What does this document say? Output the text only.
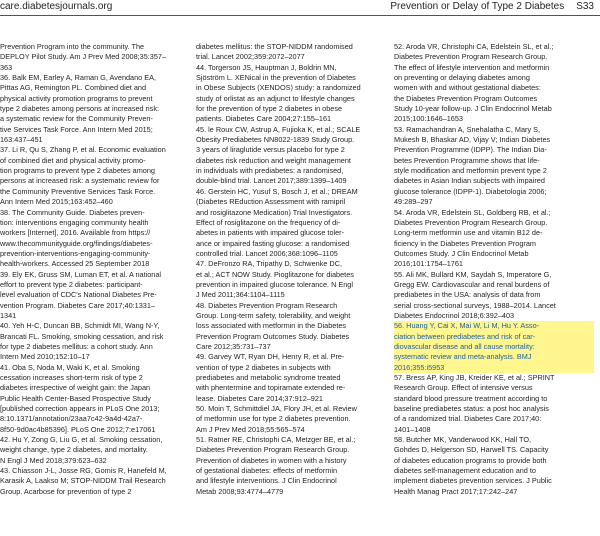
care.diabetesjournals.org	Prevention or Delay of Type 2 Diabetes S33
Prevention Program into the community. The
DEPLOY Pilot Study. Am J Prev Med 2008;35:357–
363
36. Balk EM, Earley A, Raman G, Avendano EA,
Pittas AG, Remington PL. Combined diet and
physical activity promotion programs to prevent
type 2 diabetes among persons at increased risk:
a systematic review for the Community Preven-
tive Services Task Force. Ann Intern Med 2015;
163:437–451
37. Li R, Qu S, Zhang P, et al. Economic evaluation
of combined diet and physical activity promo-
tion programs to prevent type 2 diabetes among
persons at increased risk: a systematic review for
the Community Preventive Services Task Force.
Ann Intern Med 2015;163:452–460
38. The Community Guide. Diabetes preven-
tion: interventions engaging community health
workers [Internet], 2016. Available from https://
www.thecommunityguide.org/findings/diabetes-
prevention-interventions-engaging-community-
health-workers. Accessed 25 September 2018
39. Ely EK, Gruss SM, Luman ET, et al. A national
effort to prevent type 2 diabetes: participant-
level evaluation of CDC's National Diabetes Pre-
vention Program. Diabetes Care 2017;40:1331–
1341
40. Yeh H-C, Duncan BB, Schmidt MI, Wang N-Y,
Brancati FL. Smoking, smoking cessation, and risk
for type 2 diabetes mellitus: a cohort study. Ann
Intern Med 2010;152:10–17
41. Oba S, Noda M, Waki K, et al. Smoking
cessation increases short-term risk of type 2
diabetes irrespective of weight gain: the Japan
Public Health Center-Based Prospective Study
[published correction appears in PLoS One 2013;
8:10.1371/annotation/23aa7c42-9a4d-42a7-
8f50-9d0ac4b85396]. PLoS One 2012;7:e17061
42. Hu Y, Zong G, Liu G, et al. Smoking cessation,
weight change, type 2 diabetes, and mortality.
N Engl J Med 2018;379:623–632
43. Chiasson J-L, Josse RG, Gomis R, Hanefeld M,
Karasik A, Laakso M; STOP-NIDDM Trail Research
Group. Acarbose for prevention of type 2
diabetes mellitus: the STOP-NIDDM randomised
trial. Lancet 2002;359:2072–2077
44. Torgerson JS, Hauptman J, Boldrin MN,
Sjöström L. XENical in the prevention of Diabetes
in Obese Subjects (XENDOS) study: a randomized
study of orlistat as an adjunct to lifestyle changes
for the prevention of type 2 diabetes in obese
patients. Diabetes Care 2004;27:155–161
45. le Roux CW, Astrup A, Fujioka K, et al.; SCALE
Obesity Prediabetes NN8022-1839 Study Group.
3 years of liraglutide versus placebo for type 2
diabetes risk reduction and weight management
in individuals with prediabetes: a randomised,
double-blind trial. Lancet 2017;389:1399–1409
46. Gerstein HC, Yusuf S, Bosch J, et al.; DREAM
(Diabetes REduction Assessment with ramipril
and rosiglitazone Medication) Trial Investigators.
Effect of rosiglitazone on the frequency of di-
abetes in patients with impaired glucose toler-
ance or impaired fasting glucose: a randomised
controlled trial. Lancet 2006;368:1096–1105
47. DeFronzo RA, Tripathy D, Schwenke DC,
et al.; ACT NOW Study. Pioglitazone for diabetes
prevention in impaired glucose tolerance. N Engl
J Med 2011;364:1104–1115
48. Diabetes Prevention Program Research
Group. Long-term safety, tolerability, and weight
loss associated with metformin in the Diabetes
Prevention Program Outcomes Study. Diabetes
Care 2012;35:731–737
49. Garvey WT, Ryan DH, Henry R, et al. Pre-
vention of type 2 diabetes in subjects with
prediabetes and metabolic syndrome treated
with phentermine and topiramate extended re-
lease. Diabetes Care 2014;37:912–921
50. Moin T, Schmittdiel JA, Flory JH, et al. Review
of metformin use for type 2 diabetes prevention.
Am J Prev Med 2018;55:565–574
51. Ratner RE, Christophi CA, Metzger BE, et al.;
Diabetes Prevention Program Research Group.
Prevention of diabetes in women with a history
of gestational diabetes: effects of metformin
and lifestyle interventions. J Clin Endocrinol
Metab 2008;93:4774–4779
52. Aroda VR, Christophi CA, Edelstein SL, et al.;
Diabetes Prevention Program Research Group.
The effect of lifestyle intervention and metformin
on preventing or delaying diabetes among
women with and without gestational diabetes:
the Diabetes Prevention Program Outcomes
Study 10-year follow-up. J Clin Endocrinol Metab
2015;100:1646–1653
53. Ramachandran A, Snehalatha C, Mary S,
Mukesh B, Bhaskar AD, Vijay V; Indian Diabetes
Prevention Programme (IDPP). The Indian Dia-
betes Prevention Programme shows that life-
style modification and metformin prevent type 2
diabetes in Asian Indian subjects with impaired
glucose tolerance (IDPP-1). Diabetologia 2006;
49:289–297
54. Aroda VR, Edelstein SL, Goldberg RB, et al.;
Diabetes Prevention Program Research Group.
Long-term metformin use and vitamin B12 de-
ficiency in the Diabetes Prevention Program
Outcomes Study. J Clin Endocrinol Metab
2016;101:1754–1761
55. Ali MK, Bullard KM, Saydah S, Imperatore G,
Gregg EW. Cardiovascular and renal burdens of
prediabetes in the USA: analysis of data from
serial cross-sectional surveys, 1988–2014. Lancet
Diabetes Endocrinol 2018;6:392–403
56. Huang Y, Cai X, Mai W, Li M, Hu Y. Asso-
ciation between prediabetes and risk of car-
diovascular disease and all cause mortality:
systematic review and meta-analysis. BMJ
2016;355:i5953
57. Bress AP, King JB, Kreider KE, et al.; SPRINT
Research Group. Effect of intensive versus
standard blood pressure treatment according to
baseline prediabetes status: a post hoc analysis
of a randomized trial. Diabetes Care 2017;40:
1401–1408
58. Butcher MK, Vanderwood KK, Hall TO,
Gohdes D, Helgerson SD, Harwell TS. Capacity
of diabetes education programs to provide both
diabetes self-management education and to
implement diabetes prevention services. J Public
Health Manag Pract 2017;17:242–247
